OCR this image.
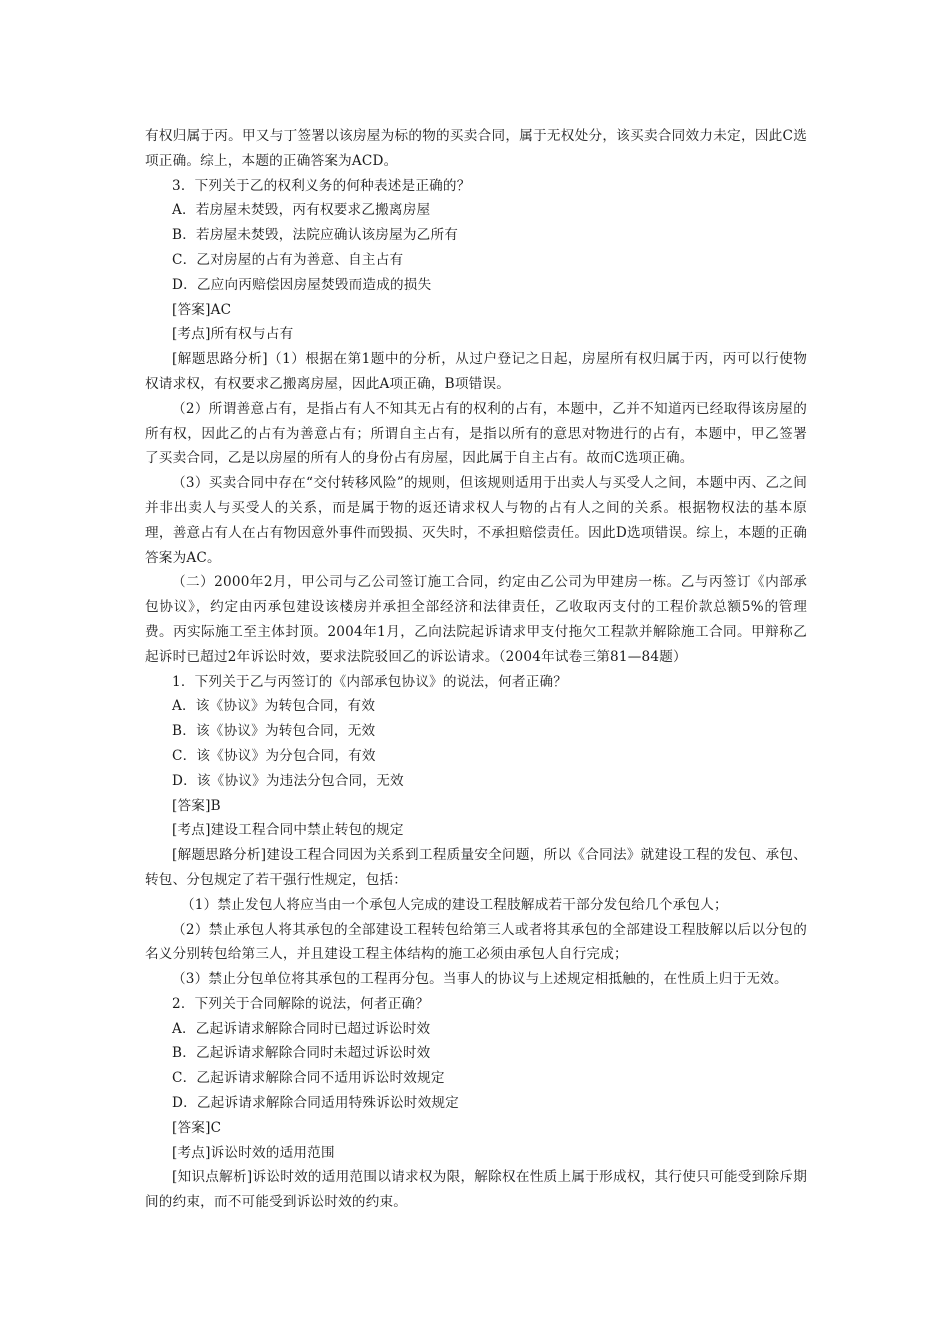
有权归属于丙。甲又与丁签署以该房屋为标的物的买卖合同，属于无权处分，该买卖合同效力未定，因此C选项正确。综上，本题的正确答案为ACD。

3．下列关于乙的权利义务的何种表述是正确的？

A．若房屋未焚毁，丙有权要求乙搬离房屋

B．若房屋未焚毁，法院应确认该房屋为乙所有

C．乙对房屋的占有为善意、自主占有

D．乙应向丙赔偿因房屋焚毁而造成的损失

[答案]AC

[考点]所有权与占有

[解题思路分析]（1）根据在第1题中的分析，从过户登记之日起，房屋所有权归属于丙，丙可以行使物权请求权，有权要求乙搬离房屋，因此A项正确，B项错误。

（2）所谓善意占有，是指占有人不知其无占有的权利的占有，本题中，乙并不知道丙已经取得该房屋的所有权，因此乙的占有为善意占有；所谓自主占有，是指以所有的意思对物进行的占有，本题中，甲乙签署了买卖合同，乙是以房屋的所有人的身份占有房屋，因此属于自主占有。故而C选项正确。

（3）买卖合同中存在“交付转移风险”的规则，但该规则适用于出卖人与买受人之间，本题中丙、乙之间并非出卖人与买受人的关系，而是属于物的返还请求权人与物的占有人之间的关系。根据物权法的基本原理，善意占有人在占有物因意外事件而毁损、灭失时，不承担赔偿责任。因此D选项错误。综上，本题的正确答案为AC。

（二）2000年2月，甲公司与乙公司签订施工合同，约定由乙公司为甲建房一栋。乙与丙签订《内部承包协议》，约定由丙承包建设该楼房并承担全部经济和法律责任，乙收取丙支付的工程价款总额5%的管理费。丙实际施工至主体封顶。2004年1月，乙向法院起诉请求甲支付拖欠工程款并解除施工合同。甲辩称乙起诉时已超过2年诉讼时效，要求法院驳回乙的诉讼请求。（2004年试卷三第81—84题）

1．下列关于乙与丙签订的《内部承包协议》的说法，何者正确？

A．该《协议》为转包合同，有效

B．该《协议》为转包合同，无效

C．该《协议》为分包合同，有效

D．该《协议》为违法分包合同，无效

[答案]B

[考点]建设工程合同中禁止转包的规定

[解题思路分析]建设工程合同因为关系到工程质量安全问题，所以《合同法》就建设工程的发包、承包、转包、分包规定了若干强行性规定，包括：

（1）禁止发包人将应当由一个承包人完成的建设工程肢解成若干部分发包给几个承包人；

（2）禁止承包人将其承包的全部建设工程转包给第三人或者将其承包的全部建设工程肢解以后以分包的名义分别转包给第三人，并且建设工程主体结构的施工必须由承包人自行完成；

（3）禁止分包单位将其承包的工程再分包。当事人的协议与上述规定相抵触的，在性质上归于无效。

2．下列关于合同解除的说法，何者正确？

A．乙起诉请求解除合同时已超过诉讼时效

B．乙起诉请求解除合同时未超过诉讼时效

C．乙起诉请求解除合同不适用诉讼时效规定

D．乙起诉请求解除合同适用特殊诉讼时效规定

[答案]C

[考点]诉讼时效的适用范围

[知识点解析]诉讼时效的适用范围以请求权为限，解除权在性质上属于形成权，其行使只可能受到除斥期间的约束，而不可能受到诉讼时效的约束。
